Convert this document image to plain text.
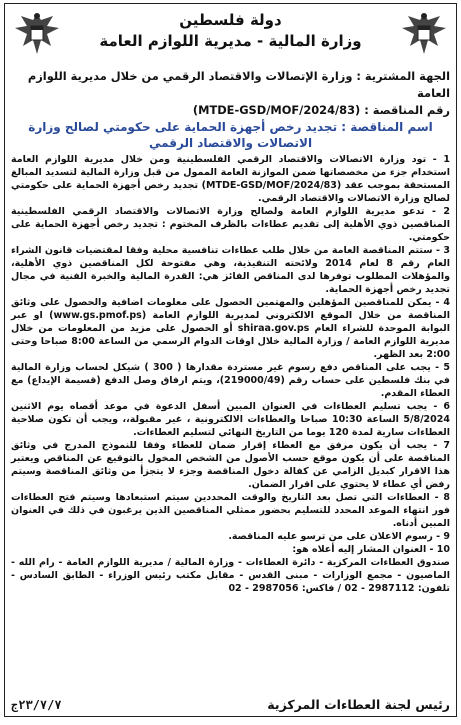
دولة فلسطين
وزارة المالية - مديرية اللوازم العامة

الجهة المشترية : وزارة الإتصالات والاقتصاد الرقمي من خلال مديرية اللوازم العامة

رقم المناقصة : (MTDE-GSD/MOF/2024/83)

اسم المناقصة : تجديد رخص أجهزة الحماية على حكومتي لصالح وزارة الاتصالات والاقتصاد الرقمي

1 - تود وزارة الاتصالات والاقتصاد الرقمي الفلسطينية ومن خلال مديرية اللوازم العامة استخدام جزء من مخصصاتها ضمن الموازنة العامة الممول من قبل وزارة المالية لتسديد المبالغ المستحقة بموجب عقد (MTDE-GSD/MOF/2024/83) تجديد رخص أجهزة الحماية على حكومتي لصالح وزارة الاتصالات والاقتصاد الرقمي.

2 - تدعو مديرية اللوازم العامة ولصالح وزارة الاتصالات والاقتصاد الرقمي الفلسطينية المناقصين ذوي الأهلية إلى تقديم عطاءات بالظرف المختوم : تجديد رخص أجهزة الحماية على حكومتي.

3 - ستتم المناقصة العامة من خلال طلب عطاءات تنافسية محلية وفقا لمقتضيات قانون الشراء العام رقم 8 لعام 2014 ولائحته التنفيذية، وهي مفتوحة لكل المناقصين ذوي الأهلية، والمؤهلات المطلوب توفرها لدى المناقص الفائز هي: القدرة المالية والخبرة الفنية في مجال تجديد رخص أجهزة الحماية.

4 - يمكن للمناقصين المؤهلين والمهتمين الحصول على معلومات اضافية والحصول على وثائق المناقصة من خلال الموقع الالكتروني لمديرية اللوازم العامة (www.gs.pmof.ps) او عبر البوابة الموحدة للشراء العام shiraa.gov.ps أو الحصول على مزيد من المعلومات من خلال مديرية اللوازم العامة / وزارة المالية خلال اوقات الدوام الرسمي من الساعة 8:00 صباحا وحتى 2:00 بعد الظهر.

5 - يجب على المناقص دفع رسوم غير مستردة مقدارها ( 300 ) شيكل لحساب وزارة المالية في بنك فلسطين على حساب رقم (219000/49)، ويتم ارفاق وصل الدفع (قسيمة الإيداع) مع العطاء المقدم.

6 - يجب تسليم العطاءات في العنوان المبين أسفل الدعوة في موعد أقصاه يوم الاثنين 5/8/2024 الساعة 10:30 صباحا والعطاءات الالكترونية ، غير مقبولة،، ويجب أن تكون صلاحية العطاءات سارية لمدة 120 يوما من التاريخ النهائي لتسليم العطاءات.

7 - يجب أن يكون مرفق مع العطاء إقرار ضمان للعطاء وفقا للنموذج المدرج في وثائق المناقصة على أن يكون موقع حسب الأصول من الشخص المخول بالتوقيع عن المناقص ويعتبر هذا الاقرار كبديل الزامي عن كفالة دخول المناقصة وجزء لا يتجزأ من وثائق المناقصة وسيتم رفض أي عطاء لا يحتوي على اقرار الضمان.

8 - العطاءات التي تصل بعد التاريخ والوقت المحددين سيتم استبعادها وسيتم فتح العطاءات فور انتهاء الموعد المحدد للتسليم بحضور ممثلي المناقصين الذين يرغبون في ذلك في العنوان المبين أدناه.

9 - رسوم الاعلان على من ترسو عليه المناقصة.

10 - العنوان المشار إليه أعلاه هو:

صندوق العطاءات المركزية - دائرة العطاءات - وزارة المالية / مديرية اللوازم العامة - رام الله - الماصيون - مجمع الوزارات - مبنى القدس - مقابل مكتب رئيس الوزراء - الطابق السادس - تلفون: 2987112 - 02 / فاكس: 2987056 - 02

رئيس لجنة العطاءات المركزية
٢٣/٧/٧ج
